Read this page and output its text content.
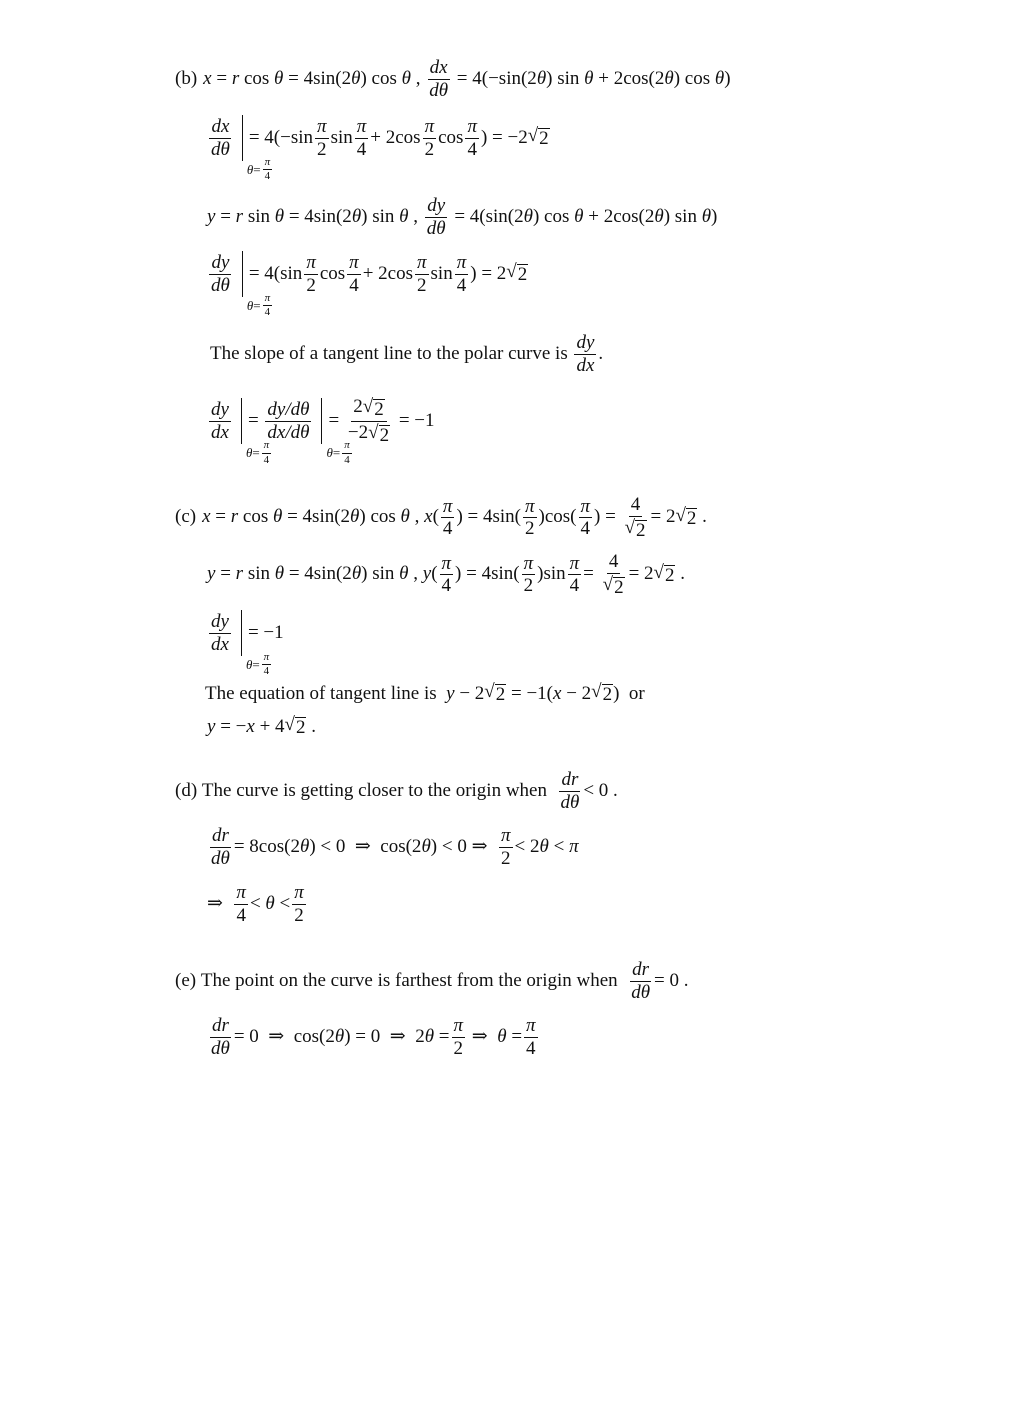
(b) x = r cos θ = 4sin(2 θ ) cos θ , $\frac{dx}{d\theta} = 4(-\sin(2$ θ ) sin θ + 2cos(2 θ ) cos θ )
$\frac{dx}{d\theta}$
$\theta = \frac{\pi}{4}$
= $4(-\sin \frac{\pi}{2}$ $\sin \frac{\pi}{4} + 2\cos \frac{\pi}{2}$ $\cos \frac{\pi}{4}$ ) = −2 √ 2
y = r sin θ = 4sin(2 θ ) sin θ , $\frac{dy}{d\theta} = 4(\sin(2$ θ ) cos θ + 2cos(2 θ ) sin θ )
$\frac{dy}{d\theta}$
$\theta = \frac{\pi}{4}$
= $4(\sin \frac{\pi}{2}$ $\cos \frac{\pi}{4} + 2\cos \frac{\pi}{2}$ $\sin \frac{\pi}{4}$ ) = 2 √ 2
The slope of a tangent line to the polar curve is
$\frac{dy}{dx}$ .
$\frac{dy}{dx}$
$\theta = \frac{\pi}{4}$
= $\frac{dy/d\theta}{dx/d\theta}$
$\theta = \frac{\pi}{4}$
= $\frac{2 √ 2}{-2 √ 2} = -1$
(c) x = r cos θ = 4sin(2 θ ) cos θ , x ( $\frac{\pi}{4}$ ) = $4\sin( \frac{\pi}{2} )\cos( \frac{\pi}{4}$ ) = $\frac{4}{√ 2} = 2$ √ 2 .
y = r sin θ = 4sin(2 θ ) sin θ , y ( $\frac{\pi}{4}$ ) = $4\sin( \frac{\pi}{2} )\sin \frac{\pi}{4} = \frac{4}{√ 2} = 2$ √ 2 .
$\frac{dy}{dx}$
$\theta = \frac{\pi}{4}$
= −1
The equation of tangent line is
y − 2 √ 2 = −1( x − 2 √ 2 ) or
y = − x + 4 √ 2 .
(d)
The curve is getting closer to the origin when
$\frac{dr}{d\theta} < 0$ .
$\frac{dr}{d\theta} = 8\cos(2$ θ ) < 0  ⇒  cos(2 θ ) < 0 ⇒ $\frac{\pi}{2} < 2$ θ < π
⇒ $\frac{\pi}{4} < \theta < \frac{\pi}{2}$
(e)
The point on the curve is farthest from the origin when
$\frac{dr}{d\theta} = 0$ .
$\frac{dr}{d\theta} = 0$  ⇒  cos(2 θ ) = 0  ⇒  2 $\theta = \frac{\pi}{2}$ ⇒ $\theta = \frac{\pi}{4}$
